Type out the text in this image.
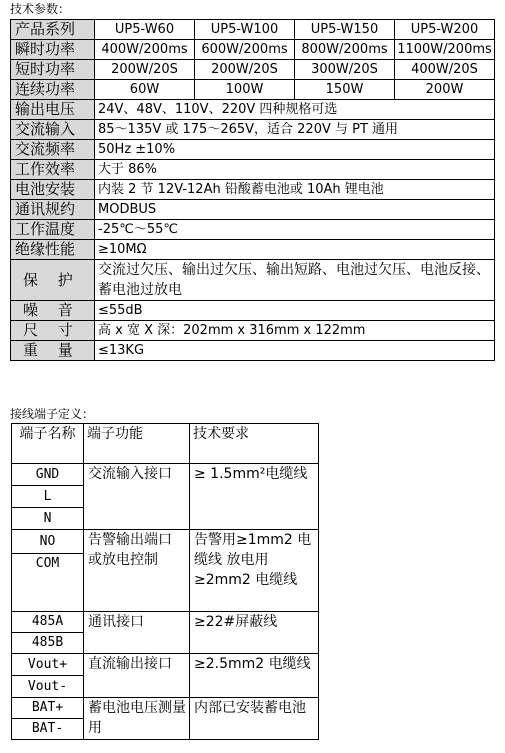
技术参数：
产品系列	UP5-W60	UP5-W100	UP5-W150	UP5-W200
瞬时功率	400W/200ms	600W/200ms	800W/200ms	1100W/200ms
短时功率	200W/20S	200W/20S	300W/20S	400W/20S
连续功率	60W	100W	150W	200W
输出电压	24V、48V、110V、220V 四种规格可选			
交流输入	85～135V 或 175～265V，适合 220V 与 PT 通用			
交流频率	50Hz ±10%			
工作效率	大于 86%			
电池安装	内装 2 节 12V-12Ah 铅酸蓄电池或 10Ah 锂电池			
通讯规约	MODBUS			
工作温度	-25℃～55℃			
绝缘性能	≥10MΩ			
保 护	交流过欠压、输出过欠压、输出短路、电池过欠压、电池反接、蓄电池过放电			
噪 音	≤55dB			
尺 寸	高 x 宽 X 深：202mm x 316mm x 122mm			
重 量	≤13KG			
接线端子定义：
端子名称	端子功能	技术要求
GND	交流输入接口	≥ 1.5mm²电缆线
L		
N		
NO	告警输出端口 或放电控制	告警用≥1mm2 电缆线 放电用≥2mm2 电缆线
COM		
485A	通讯接口	≥22#屏蔽线
485B		
Vout+	直流输出接口	≥2.5mm2 电缆线
Vout-		
BAT+	蓄电池电压测量用	内部已安装蓄电池
BAT-		
